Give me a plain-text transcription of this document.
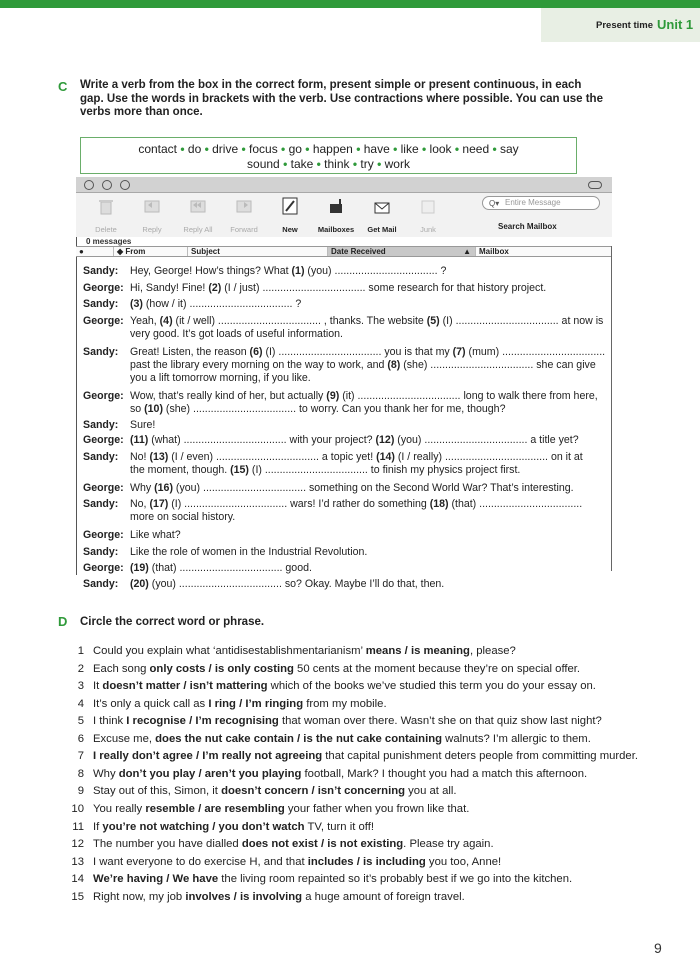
Present time Unit 1
C Write a verb from the box in the correct form, present simple or present continuous, in each
gap. Use the words in brackets with the verb. Use contractions where possible. You can use the
verbs more than once.
contact • do • drive • focus • go • happen • have • like • look • need • say
sound • take • think • try • work
Delete	Reply	Reply All	Forward	New	Mailboxes	Get Mail	Junk
Q▾ Entire Message
Search Mailbox
0 messages
●	◆ From	Subject	Date Received	▲	Mailbox
Sandy: Hey, George! How’s things? What (1) (you) ................................... ?
George: Hi, Sandy! Fine! (2) (I / just) ................................... some research for that history project.
Sandy: (3) (how / it) ................................... ?
George: Yeah, (4) (it / well) ................................... , thanks. The website (5) (I) ................................... at now is
very good. It’s got loads of useful information.
Sandy: Great! Listen, the reason (6) (I) ................................... you is that my (7) (mum) ...................................
past the library every morning on the way to work, and (8) (she) ................................... she can give
you a lift tomorrow morning, if you like.
George: Wow, that’s really kind of her, but actually (9) (it) ................................... long to walk there from here,
so (10) (she) ................................... to worry. Can you thank her for me, though?
Sandy: Sure!
George: (11) (what) ................................... with your project? (12) (you) ................................... a title yet?
Sandy: No! (13) (I / even) ................................... a topic yet! (14) (I / really) ................................... on it at
the moment, though. (15) (I) ................................... to finish my physics project first.
George: Why (16) (you) ................................... something on the Second World War? That’s interesting.
Sandy: No, (17) (I) ................................... wars! I’d rather do something (18) (that) ...................................
more on social history.
George: Like what?
Sandy: Like the role of women in the Industrial Revolution.
George: (19) (that) ................................... good.
Sandy: (20) (you) ................................... so? Okay. Maybe I’ll do that, then.
D Circle the correct word or phrase.
1 Could you explain what ‘antidisestablishmentarianism’ means / is meaning, please?
2 Each song only costs / is only costing 50 cents at the moment because they’re on special offer.
3 It doesn’t matter / isn’t mattering which of the books we’ve studied this term you do your essay on.
4 It’s only a quick call as I ring / I’m ringing from my mobile.
5 I think I recognise / I’m recognising that woman over there. Wasn’t she on that quiz show last night?
6 Excuse me, does the nut cake contain / is the nut cake containing walnuts? I’m allergic to them.
7 I really don’t agree / I’m really not agreeing that capital punishment deters people from committing murder.
8 Why don’t you play / aren’t you playing football, Mark? I thought you had a match this afternoon.
9 Stay out of this, Simon, it doesn’t concern / isn’t concerning you at all.
10 You really resemble / are resembling your father when you frown like that.
11 If you’re not watching / you don’t watch TV, turn it off!
12 The number you have dialled does not exist / is not existing. Please try again.
13 I want everyone to do exercise H, and that includes / is including you too, Anne!
14 We’re having / We have the living room repainted so it’s probably best if we go into the kitchen.
15 Right now, my job involves / is involving a huge amount of foreign travel.
9
